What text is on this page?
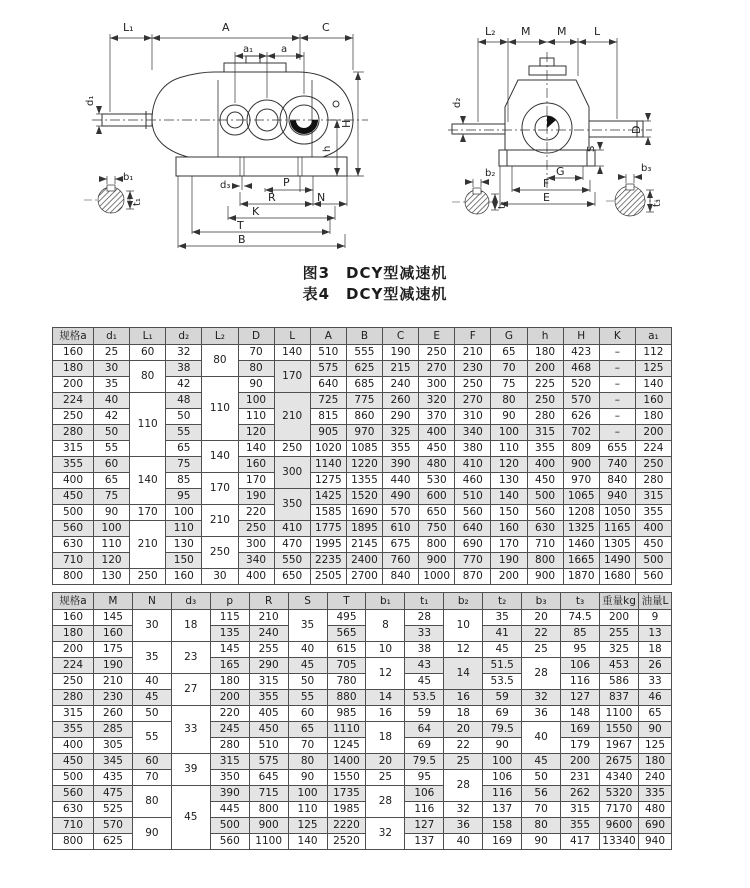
L₁	A	C
a₁	a
d₁
H
h
b₁
t₁
d₃	P
R	N
K
T
B
L₂ M M	L
d₂
D
S
G
F
E
b₂
t₂
b₃
t₃
图3　DCY型减速机
表4　DCY型减速机
规格a	d₁	L₁	d₂	L₂	D	L	A	B	C	E	F	G	h	H	K	a₁
160	25	60	32	80	70	140	510	555	190	250	210	65	180	423	–	112
180	30	80	38		80	170	575	625	215	270	230	70	200	468	–	125
200	35		42	110	90		640	685	240	300	250	75	225	520	–	140
224	40	110	48		100	210	725	775	260	320	270	80	250	570	–	160
250	42		50		110		815	860	290	370	310	90	280	626	–	180
280	50		55		120		905	970	325	400	340	100	315	702	–	200
315	55		65	140	140	250	1020	1085	355	450	380	110	355	809	655	224
355	60	140	75		160	300	1140	1220	390	480	410	120	400	900	740	250
400	65		85	170	170		1275	1355	440	530	460	130	450	970	840	280
450	75		95		190	350	1425	1520	490	600	510	140	500	1065	940	315
500	90	170	100	210	220		1585	1690	570	650	560	150	560	1208	1050	355
560	100	210	110		250	410	1775	1895	610	750	640	160	630	1325	1165	400
630	110		130	250	300	470	1995	2145	675	800	690	170	710	1460	1305	450
710	120		150		340	550	2235	2400	760	900	770	190	800	1665	1490	500
800	130	250	160	30	400	650	2505	2700	840	1000	870	200	900	1870	1680	560
规格a	M	N	d₃	p	R	S	T	b₁	t₁	b₂	t₂	b₃	t₃	重量kg	油量L
160	145	30	18	115	210	35	495	8	28	10	35	20	74.5	200	9
180	160			135	240		565		33		41	22	85	255	13
200	175	35	23	145	255	40	615	10	38	12	45	25	95	325	18
224	190			165	290	45	705	12	43	14	51.5	28	106	453	26
250	210	40	27	180	315	50	780		45		53.5		116	586	33
280	230	45		200	355	55	880	14	53.5	16	59	32	127	837	46
315	260	50	33	220	405	60	985	16	59	18	69	36	148	1100	65
355	285	55		245	450	65	1110	18	64	20	79.5	40	169	1550	90
400	305			280	510	70	1245		69	22	90		179	1967	125
450	345	60	39	315	575	80	1400	20	79.5	25	100	45	200	2675	180
500	435	70		350	645	90	1550	25	95	28	106	50	231	4340	240
560	475	80	45	390	715	100	1735	28	106		116	56	262	5320	335
630	525			445	800	110	1985		116	32	137	70	315	7170	480
710	570	90		500	900	125	2220	32	127	36	158	80	355	9600	690
800	625			560	1100	140	2520		137	40	169	90	417	13340	940
